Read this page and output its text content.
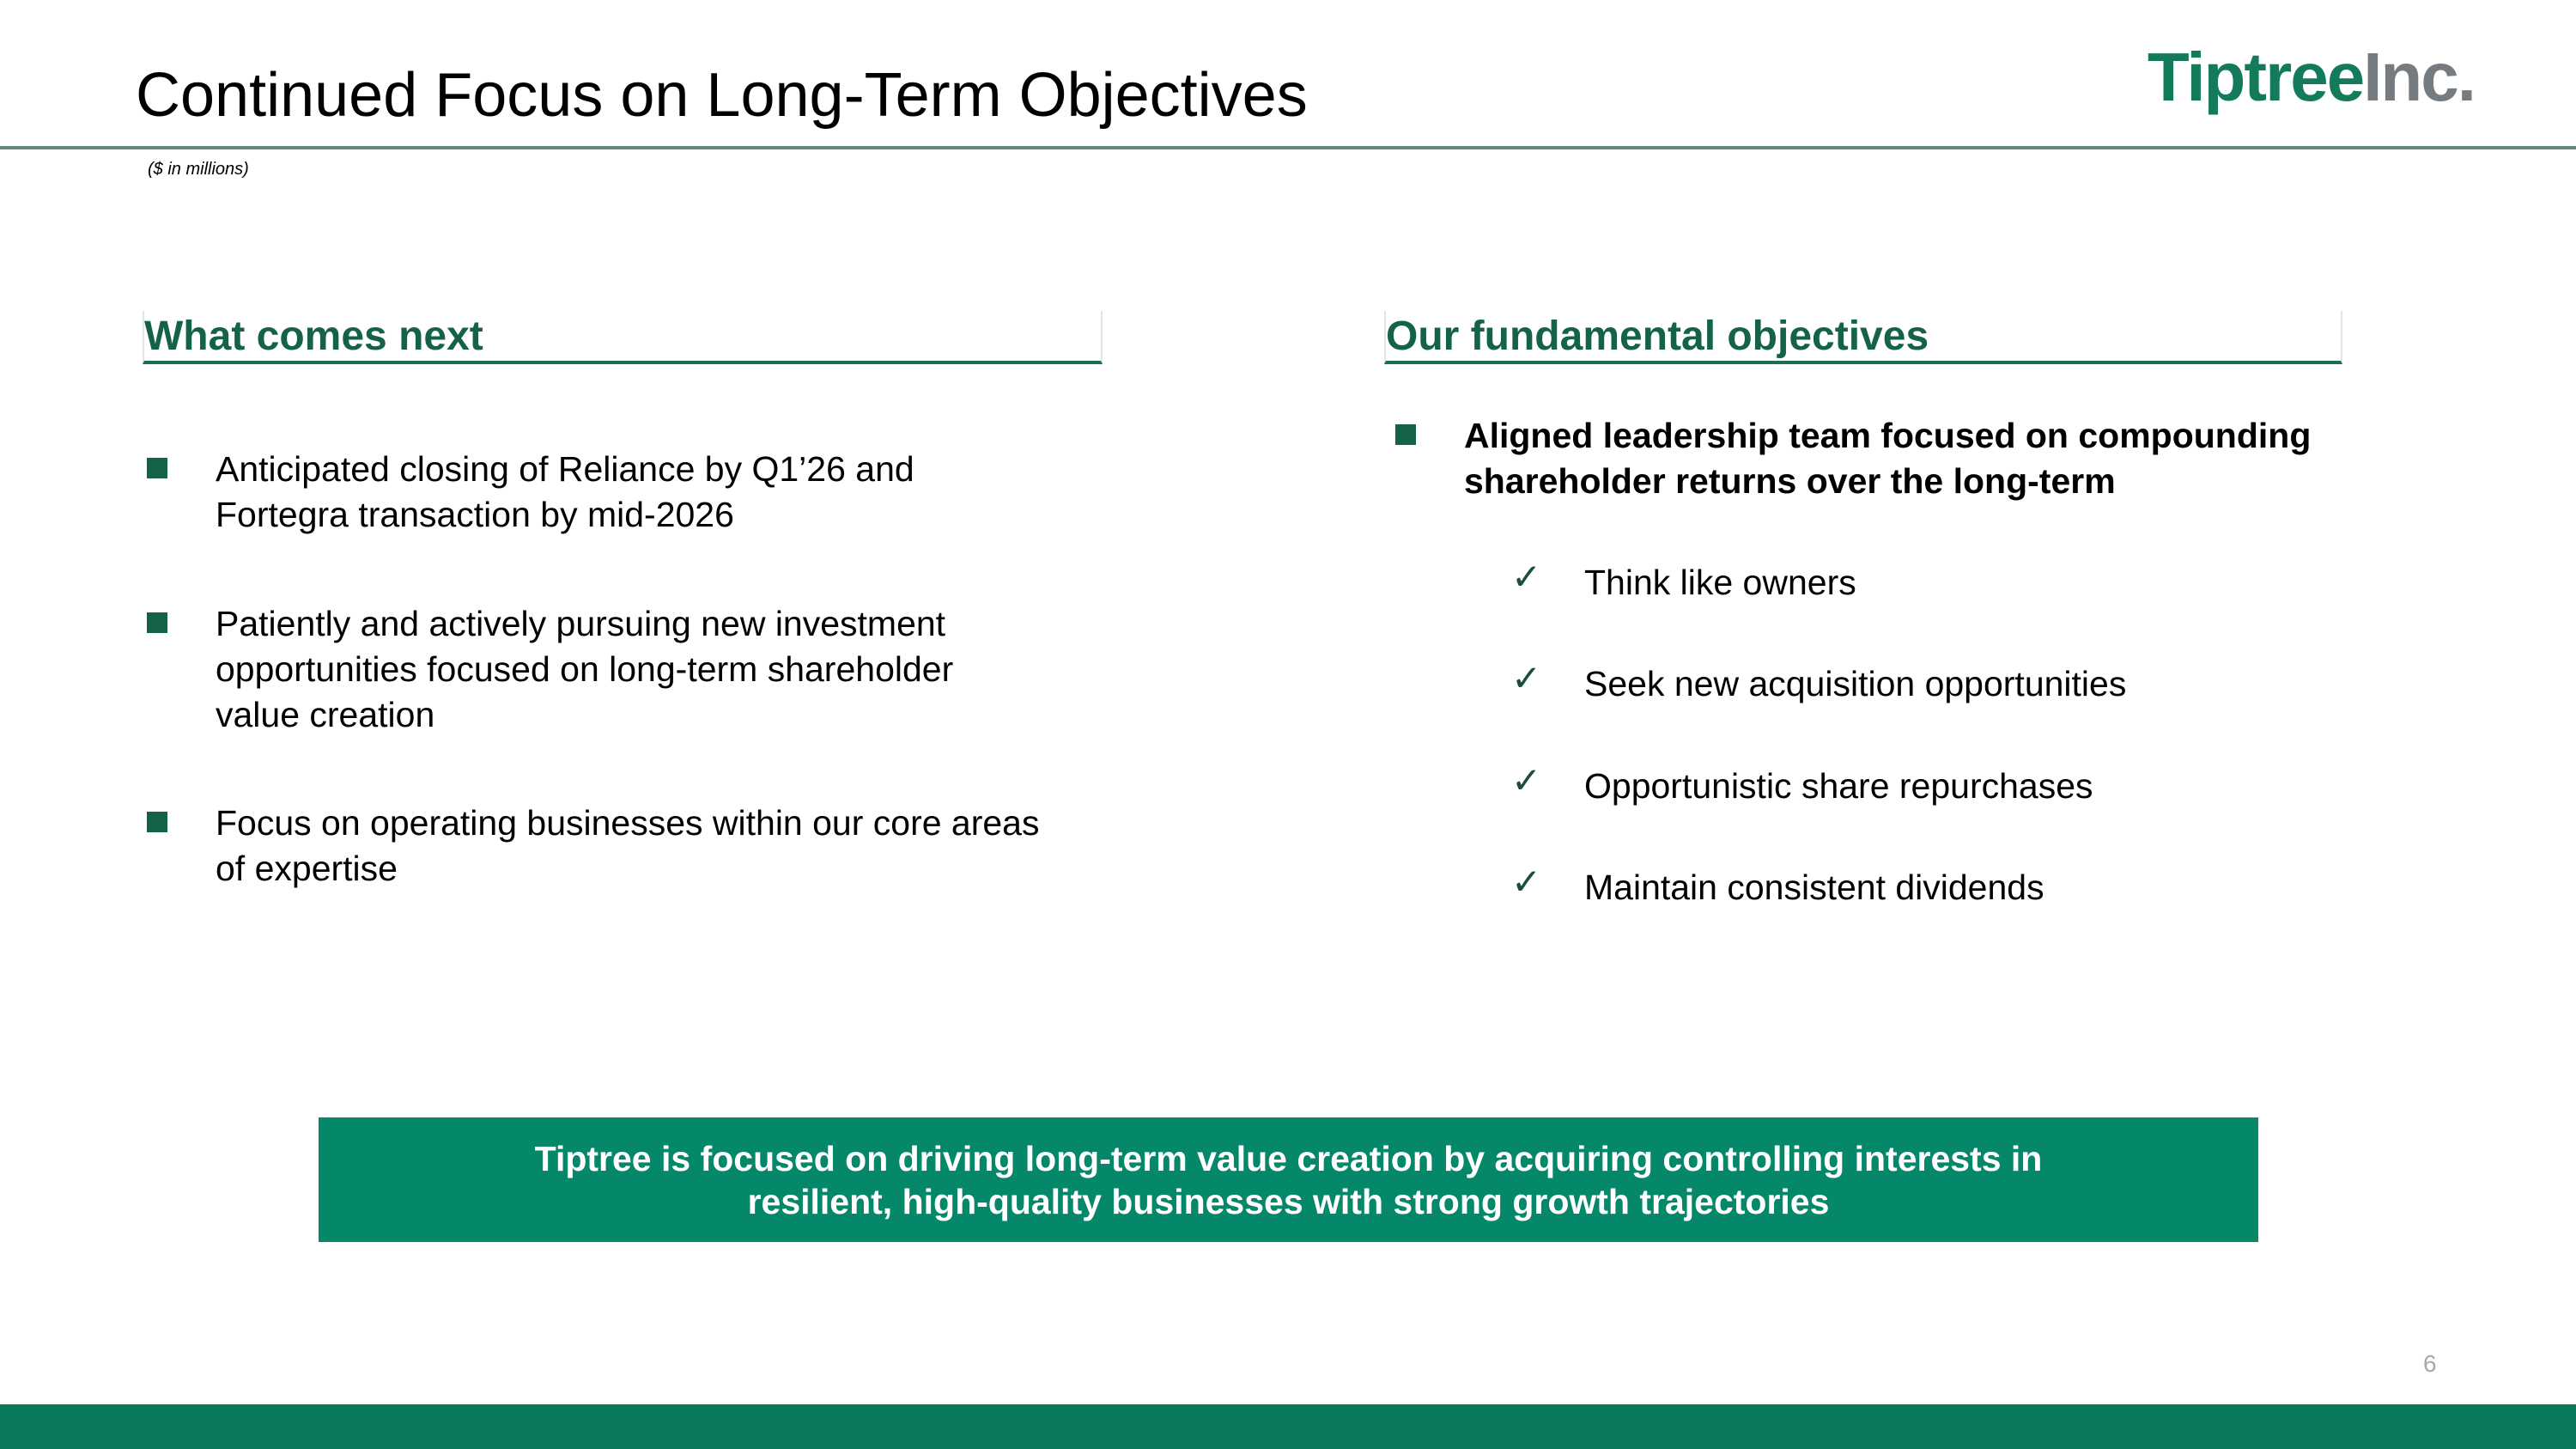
Continued Focus on Long-Term Objectives	TiptreeInc.
($ in millions)
What comes next
Anticipated closing of Reliance by Q1’26 and Fortegra transaction by mid-2026
Patiently and actively pursuing new investment opportunities focused on long-term shareholder value creation
Focus on operating businesses within our core areas of expertise
Our fundamental objectives
Aligned leadership team focused on compounding shareholder returns over the long-term
✓ Think like owners
✓ Seek new acquisition opportunities
✓ Opportunistic share repurchases
✓ Maintain consistent dividends
Tiptree is focused on driving long-term value creation by acquiring controlling interests in resilient, high-quality businesses with strong growth trajectories
6
